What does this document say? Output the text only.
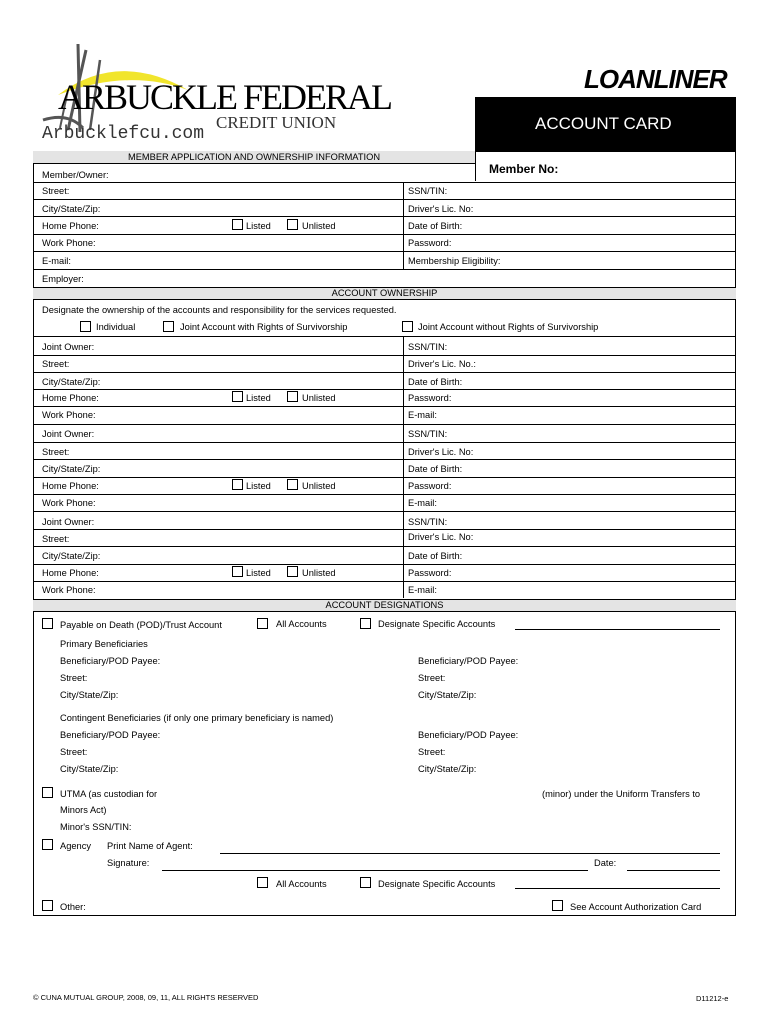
ARBUCKLE FEDERAL
CREDIT UNION
Arbucklefcu.com
LOANLINER
ACCOUNT CARD
MEMBER APPLICATION AND OWNERSHIP INFORMATION
Member No:
Member/Owner:
Street:	SSN/TIN:
City/State/Zip:	Driver's Lic. No:
Home Phone:	Listed	Unlisted	Date of Birth:
Work Phone:	Password:
E-mail:	Membership Eligibility:
Employer:
ACCOUNT OWNERSHIP
Designate the ownership of the accounts and responsibility for the services requested.
Individual	Joint Account with Rights of Survivorship	Joint Account without Rights of Survivorship
Joint Owner:	SSN/TIN:
Street:	Driver's Lic. No.:
City/State/Zip:	Date of Birth:
Home Phone:	Listed	Unlisted	Password:
Work Phone:	E-mail:
Joint Owner:	SSN/TIN:
Street:	Driver's Lic. No:
City/State/Zip:	Date of Birth:
Home Phone:	Listed	Unlisted	Password:
Work Phone:	E-mail:
Joint Owner:	SSN/TIN:
Street:	Driver's Lic. No:
City/State/Zip:	Date of Birth:
Home Phone:	Listed	Unlisted	Password:
Work Phone:	E-mail:
ACCOUNT DESIGNATIONS
Payable on Death (POD)/Trust Account	All Accounts	Designate Specific Accounts
Primary Beneficiaries
Beneficiary/POD Payee:	Beneficiary/POD Payee:
Street:	Street:
City/State/Zip:	City/State/Zip:
Contingent Beneficiaries (if only one primary beneficiary is named)
Beneficiary/POD Payee:	Beneficiary/POD Payee:
Street:	Street:
City/State/Zip:	City/State/Zip:
UTMA (as custodian for	(minor) under the Uniform Transfers to
Minors Act)
Minor's SSN/TIN:
Agency Print Name of Agent:
Signature:	Date:
All Accounts	Designate Specific Accounts
Other:	See Account Authorization Card
© CUNA MUTUAL GROUP, 2008, 09, 11, ALL RIGHTS RESERVED	D11212-e
